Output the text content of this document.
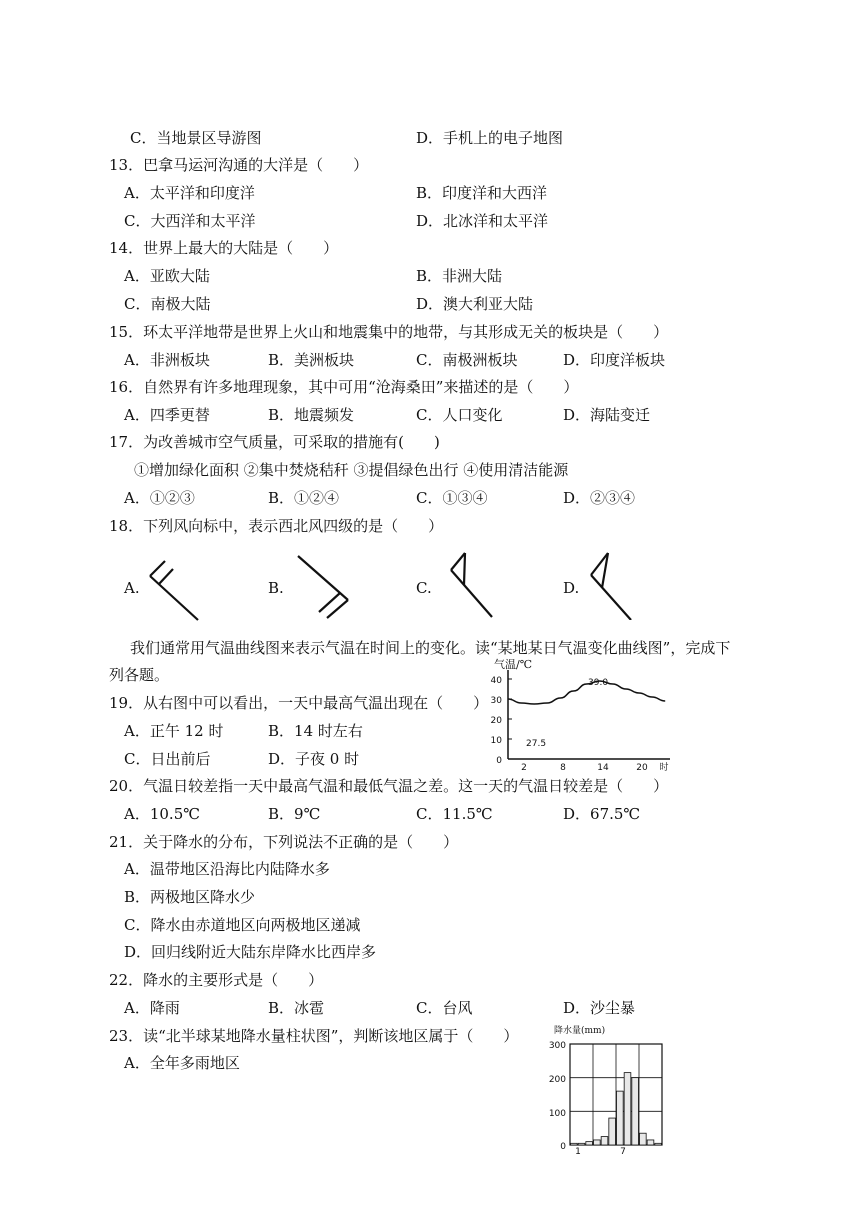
C．当地景区导游图	D．手机上的电子地图
13．巴拿马运河沟通的大洋是（　　）
A．太平洋和印度洋	B．印度洋和大西洋
C．大西洋和太平洋	D．北冰洋和太平洋
14．世界上最大的大陆是（　　）
A．亚欧大陆	B．非洲大陆
C．南极大陆	D．澳大利亚大陆
15．环太平洋地带是世界上火山和地震集中的地带，与其形成无关的板块是（　　）
A．非洲板块	B．美洲板块	C．南极洲板块	D．印度洋板块
16．自然界有许多地理现象，其中可用“沧海桑田”来描述的是（　　）
A．四季更替	B．地震频发	C．人口变化	D．海陆变迁
17．为改善城市空气质量，可采取的措施有(　　)
①增加绿化面积 ②集中焚烧秸秆 ③提倡绿色出行 ④使用清洁能源
A．①②③	B．①②④	C．①③④	D．②③④
18．下列风向标中，表示西北风四级的是（　　）
A.	B.	C.	D.
我们通常用气温曲线图来表示气温在时间上的变化。读“某地某日气温变化曲线图”，完成下
列各题。
19．从右图中可以看出，一天中最高气温出现在（　　）
A．正午 12 时	B．14 时左右
C．日出前后	D．子夜 0 时
气温/℃
0
10
20
30
40
2	8	14	20 时
27.5
39.0
20．气温日较差指一天中最高气温和最低气温之差。这一天的气温日较差是（　　）
A．10.5℃	B．9℃	C．11.5℃	D．67.5℃
21．关于降水的分布，下列说法不正确的是（　　）
A．温带地区沿海比内陆降水多
B．两极地区降水少
C．降水由赤道地区向两极地区递减
D．回归线附近大陆东岸降水比西岸多
22．降水的主要形式是（　　）
A．降雨	B．冰雹	C．台风	D．沙尘暴
23．读“北半球某地降水量柱状图”，判断该地区属于（　　）
A．全年多雨地区
降水量(mm)
300
200
100
0 1	7
